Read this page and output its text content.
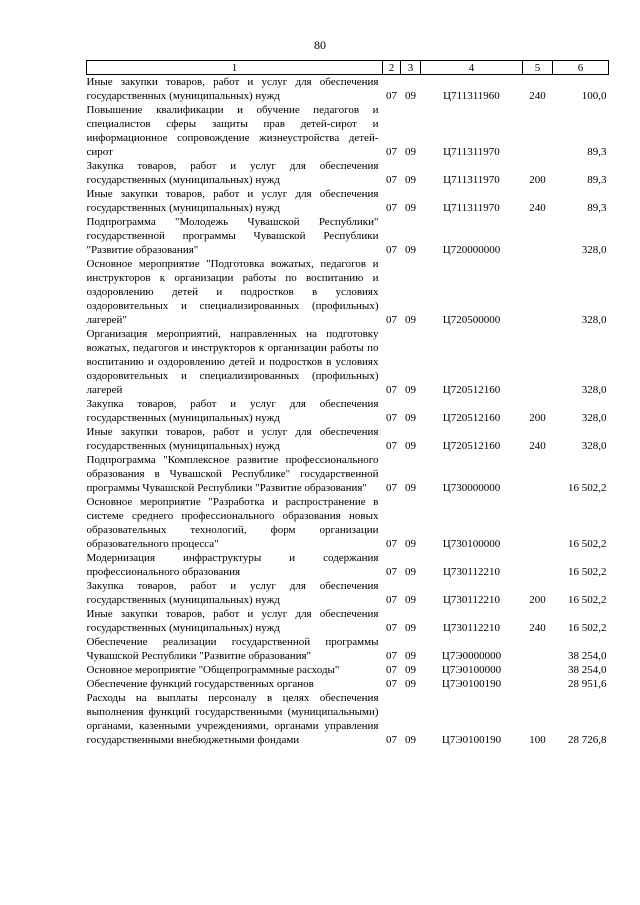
80
1	2	3	4	5	6
Иные закупки товаров, работ и услуг для обеспечения государственных (муниципальных) нужд	07	09	Ц711311960	240	100,0
Повышение квалификации и обучение педагогов и специалистов сферы защиты прав детей-сирот и информационное сопровождение жизнеустройства детей-сирот	07	09	Ц711311970		89,3
Закупка товаров, работ и услуг для обеспечения государственных (муниципальных) нужд	07	09	Ц711311970	200	89,3
Иные закупки товаров, работ и услуг для обеспечения государственных (муниципальных) нужд	07	09	Ц711311970	240	89,3
Подпрограмма "Молодежь Чувашской Республики" государственной программы Чувашской Республики "Развитие образования"	07	09	Ц720000000		328,0
Основное мероприятие "Подготовка вожатых, педагогов и инструкторов к организации работы по воспитанию и оздоровлению детей и подростков в условиях оздоровительных и специализированных (профильных) лагерей"	07	09	Ц720500000		328,0
Организация мероприятий, направленных на подготовку вожатых, педагогов и инструкторов к организации работы по воспитанию и оздоровлению детей и подростков в условиях оздоровительных и специализированных (профильных) лагерей	07	09	Ц720512160		328,0
Закупка товаров, работ и услуг для обеспечения государственных (муниципальных) нужд	07	09	Ц720512160	200	328,0
Иные закупки товаров, работ и услуг для обеспечения государственных (муниципальных) нужд	07	09	Ц720512160	240	328,0
Подпрограмма "Комплексное развитие профессионального образования в Чувашской Республике" государственной программы Чувашской Республики "Развитие образования"	07	09	Ц730000000		16 502,2
Основное мероприятие "Разработка и распространение в системе среднего профессионального образования новых образовательных технологий, форм организации образовательного процесса"	07	09	Ц730100000		16 502,2
Модернизация инфраструктуры и содержания профессионального образования	07	09	Ц730112210		16 502,2
Закупка товаров, работ и услуг для обеспечения государственных (муниципальных) нужд	07	09	Ц730112210	200	16 502,2
Иные закупки товаров, работ и услуг для обеспечения государственных (муниципальных) нужд	07	09	Ц730112210	240	16 502,2
Обеспечение реализации государственной программы Чувашской Республики "Развитие образования"	07	09	Ц7Э0000000		38 254,0
Основное мероприятие "Общепрограммные расходы"	07	09	Ц7Э0100000		38 254,0
Обеспечение функций государственных органов	07	09	Ц7Э0100190		28 951,6
Расходы на выплаты персоналу в целях обеспечения выполнения функций государственными (муниципальными) органами, казенными учреждениями, органами управления государственными внебюджетными фондами	07	09	Ц7Э0100190	100	28 726,8
